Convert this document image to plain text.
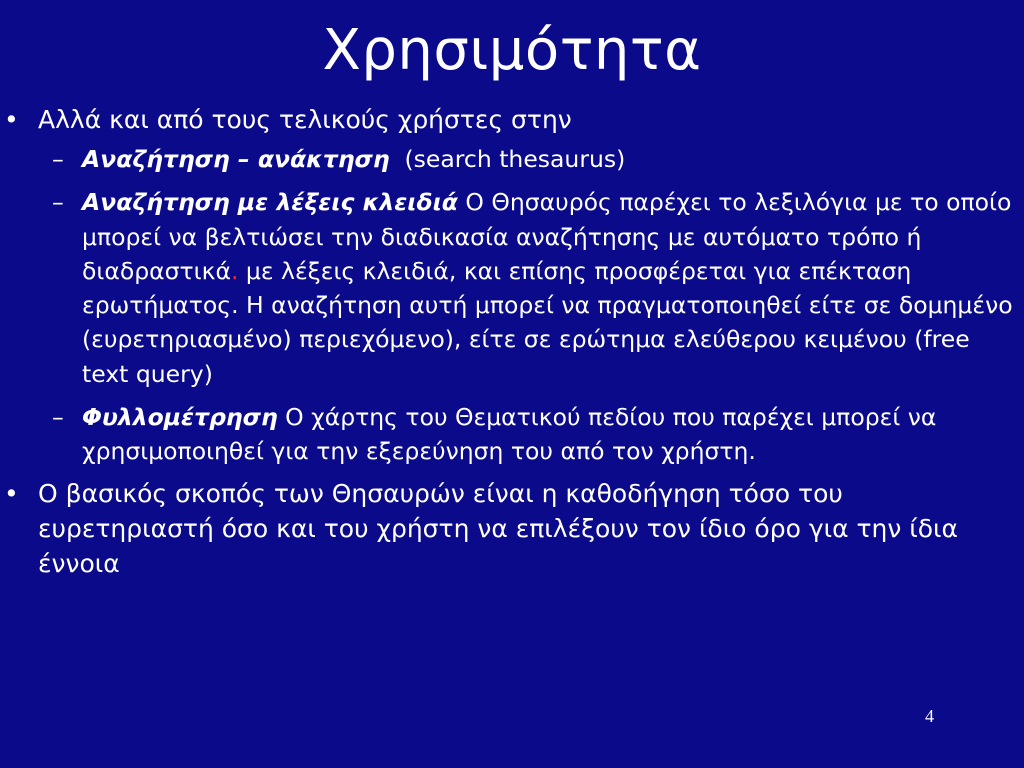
Χρησιμότητα
• Αλλά και από τους τελικούς χρήστες στην
– Αναζήτηση – ανάκτηση  (search thesaurus)
– Αναζήτηση με λέξεις κλειδιά Ο Θησαυρός παρέχει το λεξιλόγια με το οποίο μπορεί να βελτιώσει την διαδικασία αναζήτησης με αυτόματο τρόπο ή διαδραστικά. με λέξεις κλειδιά, και επίσης προσφέρεται για επέκταση ερωτήματος. Η αναζήτηση αυτή μπορεί να πραγματοποιηθεί είτε σε δομημένο (ευρετηριασμένο) περιεχόμενο), είτε σε ερώτημα ελεύθερου κειμένου (free text query)
– Φυλλομέτρηση Ο χάρτης του Θεματικού πεδίου που παρέχει μπορεί να χρησιμοποιηθεί για την εξερεύνηση του από τον χρήστη.
• Ο βασικός σκοπός των Θησαυρών είναι η καθοδήγηση τόσο του ευρετηριαστή όσο και του χρήστη να επιλέξουν τον ίδιο όρο για την ίδια έννοια
4
